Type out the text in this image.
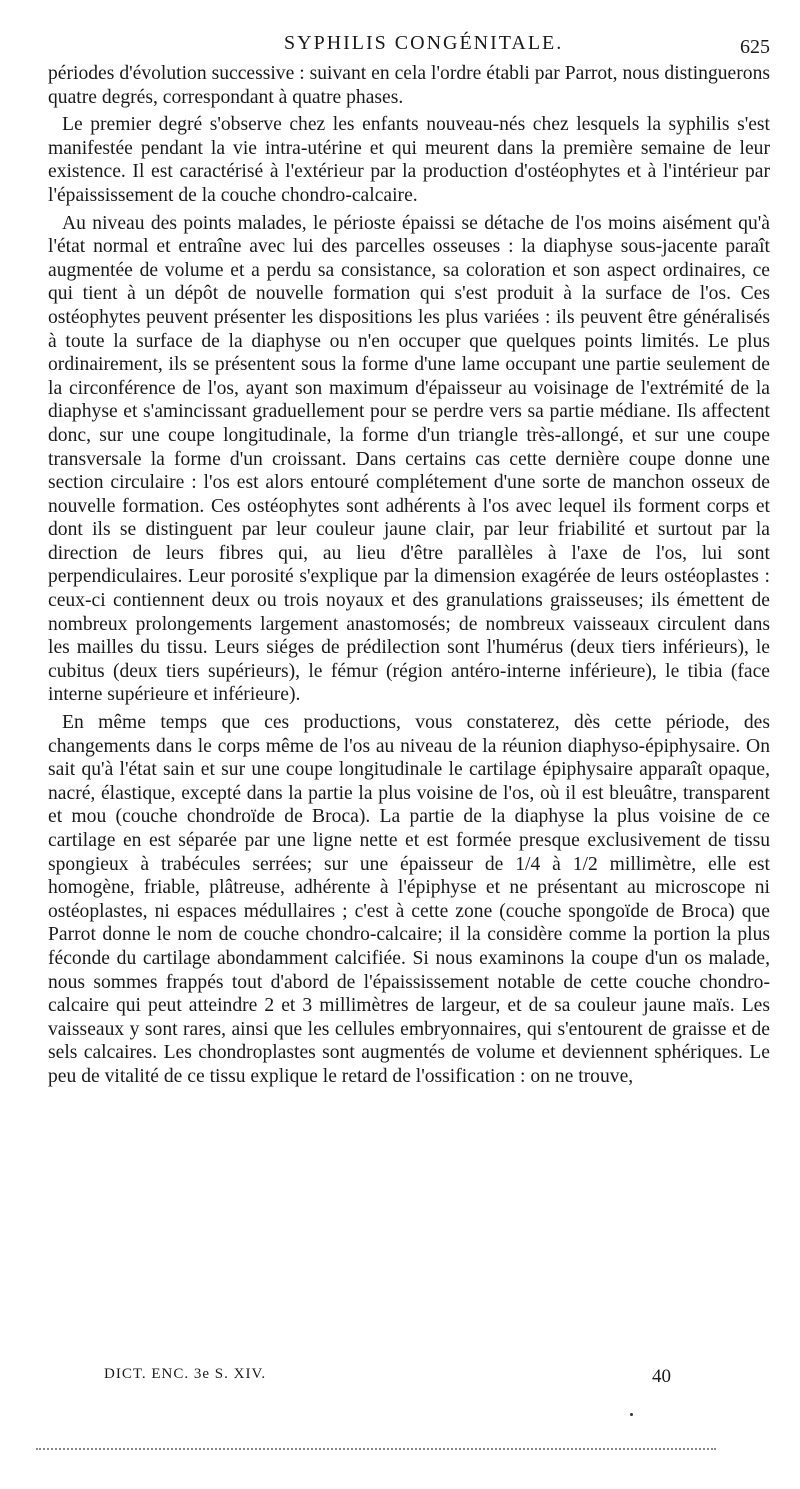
SYPHILIS CONGÉNITALE.	625

périodes d'évolution successive : suivant en cela l'ordre établi par Parrot, nous distinguerons quatre degrés, correspondant à quatre phases.

Le premier degré s'observe chez les enfants nouveau-nés chez lesquels la syphilis s'est manifestée pendant la vie intra-utérine et qui meurent dans la première semaine de leur existence. Il est caractérisé à l'extérieur par la production d'ostéophytes et à l'intérieur par l'épaississement de la couche chondro-calcaire.

Au niveau des points malades, le périoste épaissi se détache de l'os moins aisément qu'à l'état normal et entraîne avec lui des parcelles osseuses : la diaphyse sous-jacente paraît augmentée de volume et a perdu sa consistance, sa coloration et son aspect ordinaires, ce qui tient à un dépôt de nouvelle formation qui s'est produit à la surface de l'os. Ces ostéophytes peuvent présenter les dispositions les plus variées : ils peuvent être généralisés à toute la surface de la diaphyse ou n'en occuper que quelques points limités. Le plus ordinairement, ils se présentent sous la forme d'une lame occupant une partie seulement de la circonférence de l'os, ayant son maximum d'épaisseur au voisinage de l'extrémité de la diaphyse et s'amincissant graduellement pour se perdre vers sa partie médiane. Ils affectent donc, sur une coupe longitudinale, la forme d'un triangle très-allongé, et sur une coupe transversale la forme d'un croissant. Dans certains cas cette dernière coupe donne une section circulaire : l'os est alors entouré complétement d'une sorte de manchon osseux de nouvelle formation. Ces ostéophytes sont adhérents à l'os avec lequel ils forment corps et dont ils se distinguent par leur couleur jaune clair, par leur friabilité et surtout par la direction de leurs fibres qui, au lieu d'être parallèles à l'axe de l'os, lui sont perpendiculaires. Leur porosité s'explique par la dimension exagérée de leurs ostéoplastes : ceux-ci contiennent deux ou trois noyaux et des granulations graisseuses; ils émettent de nombreux prolongements largement anastomosés; de nombreux vaisseaux circulent dans les mailles du tissu. Leurs siéges de prédilection sont l'humérus (deux tiers inférieurs), le cubitus (deux tiers supérieurs), le fémur (région antéro-interne inférieure), le tibia (face interne supérieure et inférieure).

En même temps que ces productions, vous constaterez, dès cette période, des changements dans le corps même de l'os au niveau de la réunion diaphyso-épiphysaire. On sait qu'à l'état sain et sur une coupe longitudinale le cartilage épiphysaire apparaît opaque, nacré, élastique, excepté dans la partie la plus voisine de l'os, où il est bleuâtre, transparent et mou (couche chondroïde de Broca). La partie de la diaphyse la plus voisine de ce cartilage en est séparée par une ligne nette et est formée presque exclusivement de tissu spongieux à trabécules serrées; sur une épaisseur de 1/4 à 1/2 millimètre, elle est homogène, friable, plâtreuse, adhérente à l'épiphyse et ne présentant au microscope ni ostéoplastes, ni espaces médullaires ; c'est à cette zone (couche spongoïde de Broca) que Parrot donne le nom de couche chondro-calcaire; il la considère comme la portion la plus féconde du cartilage abondamment calcifiée. Si nous examinons la coupe d'un os malade, nous sommes frappés tout d'abord de l'épaississement notable de cette couche chondro-calcaire qui peut atteindre 2 et 3 millimètres de largeur, et de sa couleur jaune maïs. Les vaisseaux y sont rares, ainsi que les cellules embryonnaires, qui s'entourent de graisse et de sels calcaires. Les chondroplastes sont augmentés de volume et deviennent sphériques. Le peu de vitalité de ce tissu explique le retard de l'ossification : on ne trouve,

DICT. ENC. 3e S. XIV.	40
